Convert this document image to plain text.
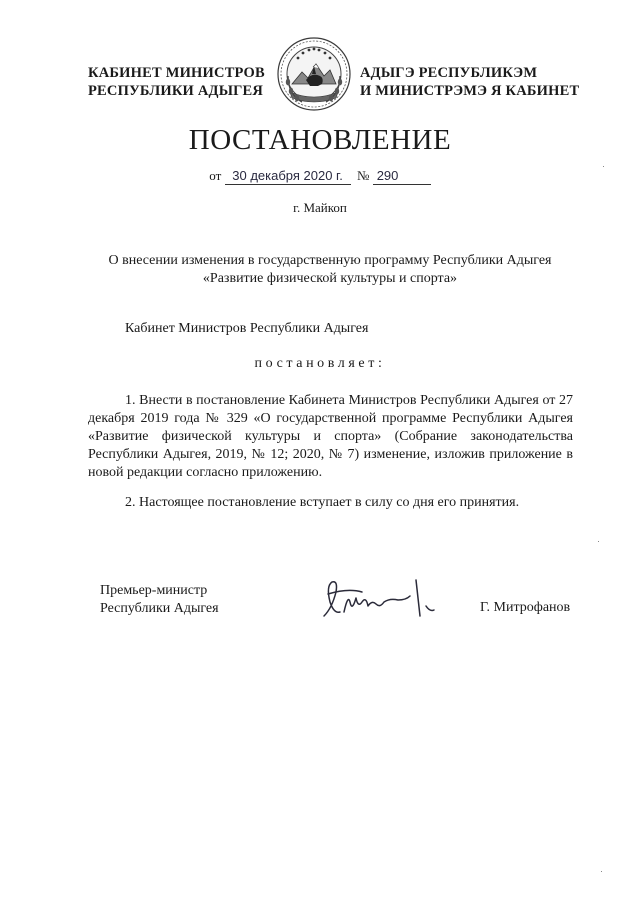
КАБИНЕТ МИНИСТРОВ
РЕСПУБЛИКИ АДЫГЕЯ
АДЫГЭ РЕСПУБЛИКЭМ
И МИНИСТРЭМЭ Я КАБИНЕТ
ПОСТАНОВЛЕНИЕ
от 30 декабря 2020 г. № 290
г. Майкоп
О внесении изменения в государственную программу Республики Адыгея
«Развитие физической культуры и спорта»
Кабинет Министров Республики Адыгея
постановляет:
1. Внести в постановление Кабинета Министров Республики Адыгея от 27 декабря 2019 года № 329 «О государственной программе Республики Адыгея «Развитие физической культуры и спорта» (Собрание законодательства Республики Адыгея, 2019, № 12; 2020, № 7) изменение, изложив приложение в новой редакции согласно приложению.
2. Настоящее постановление вступает в силу со дня его принятия.
Премьер-министр
Республики Адыгея	Г. Митрофанов
